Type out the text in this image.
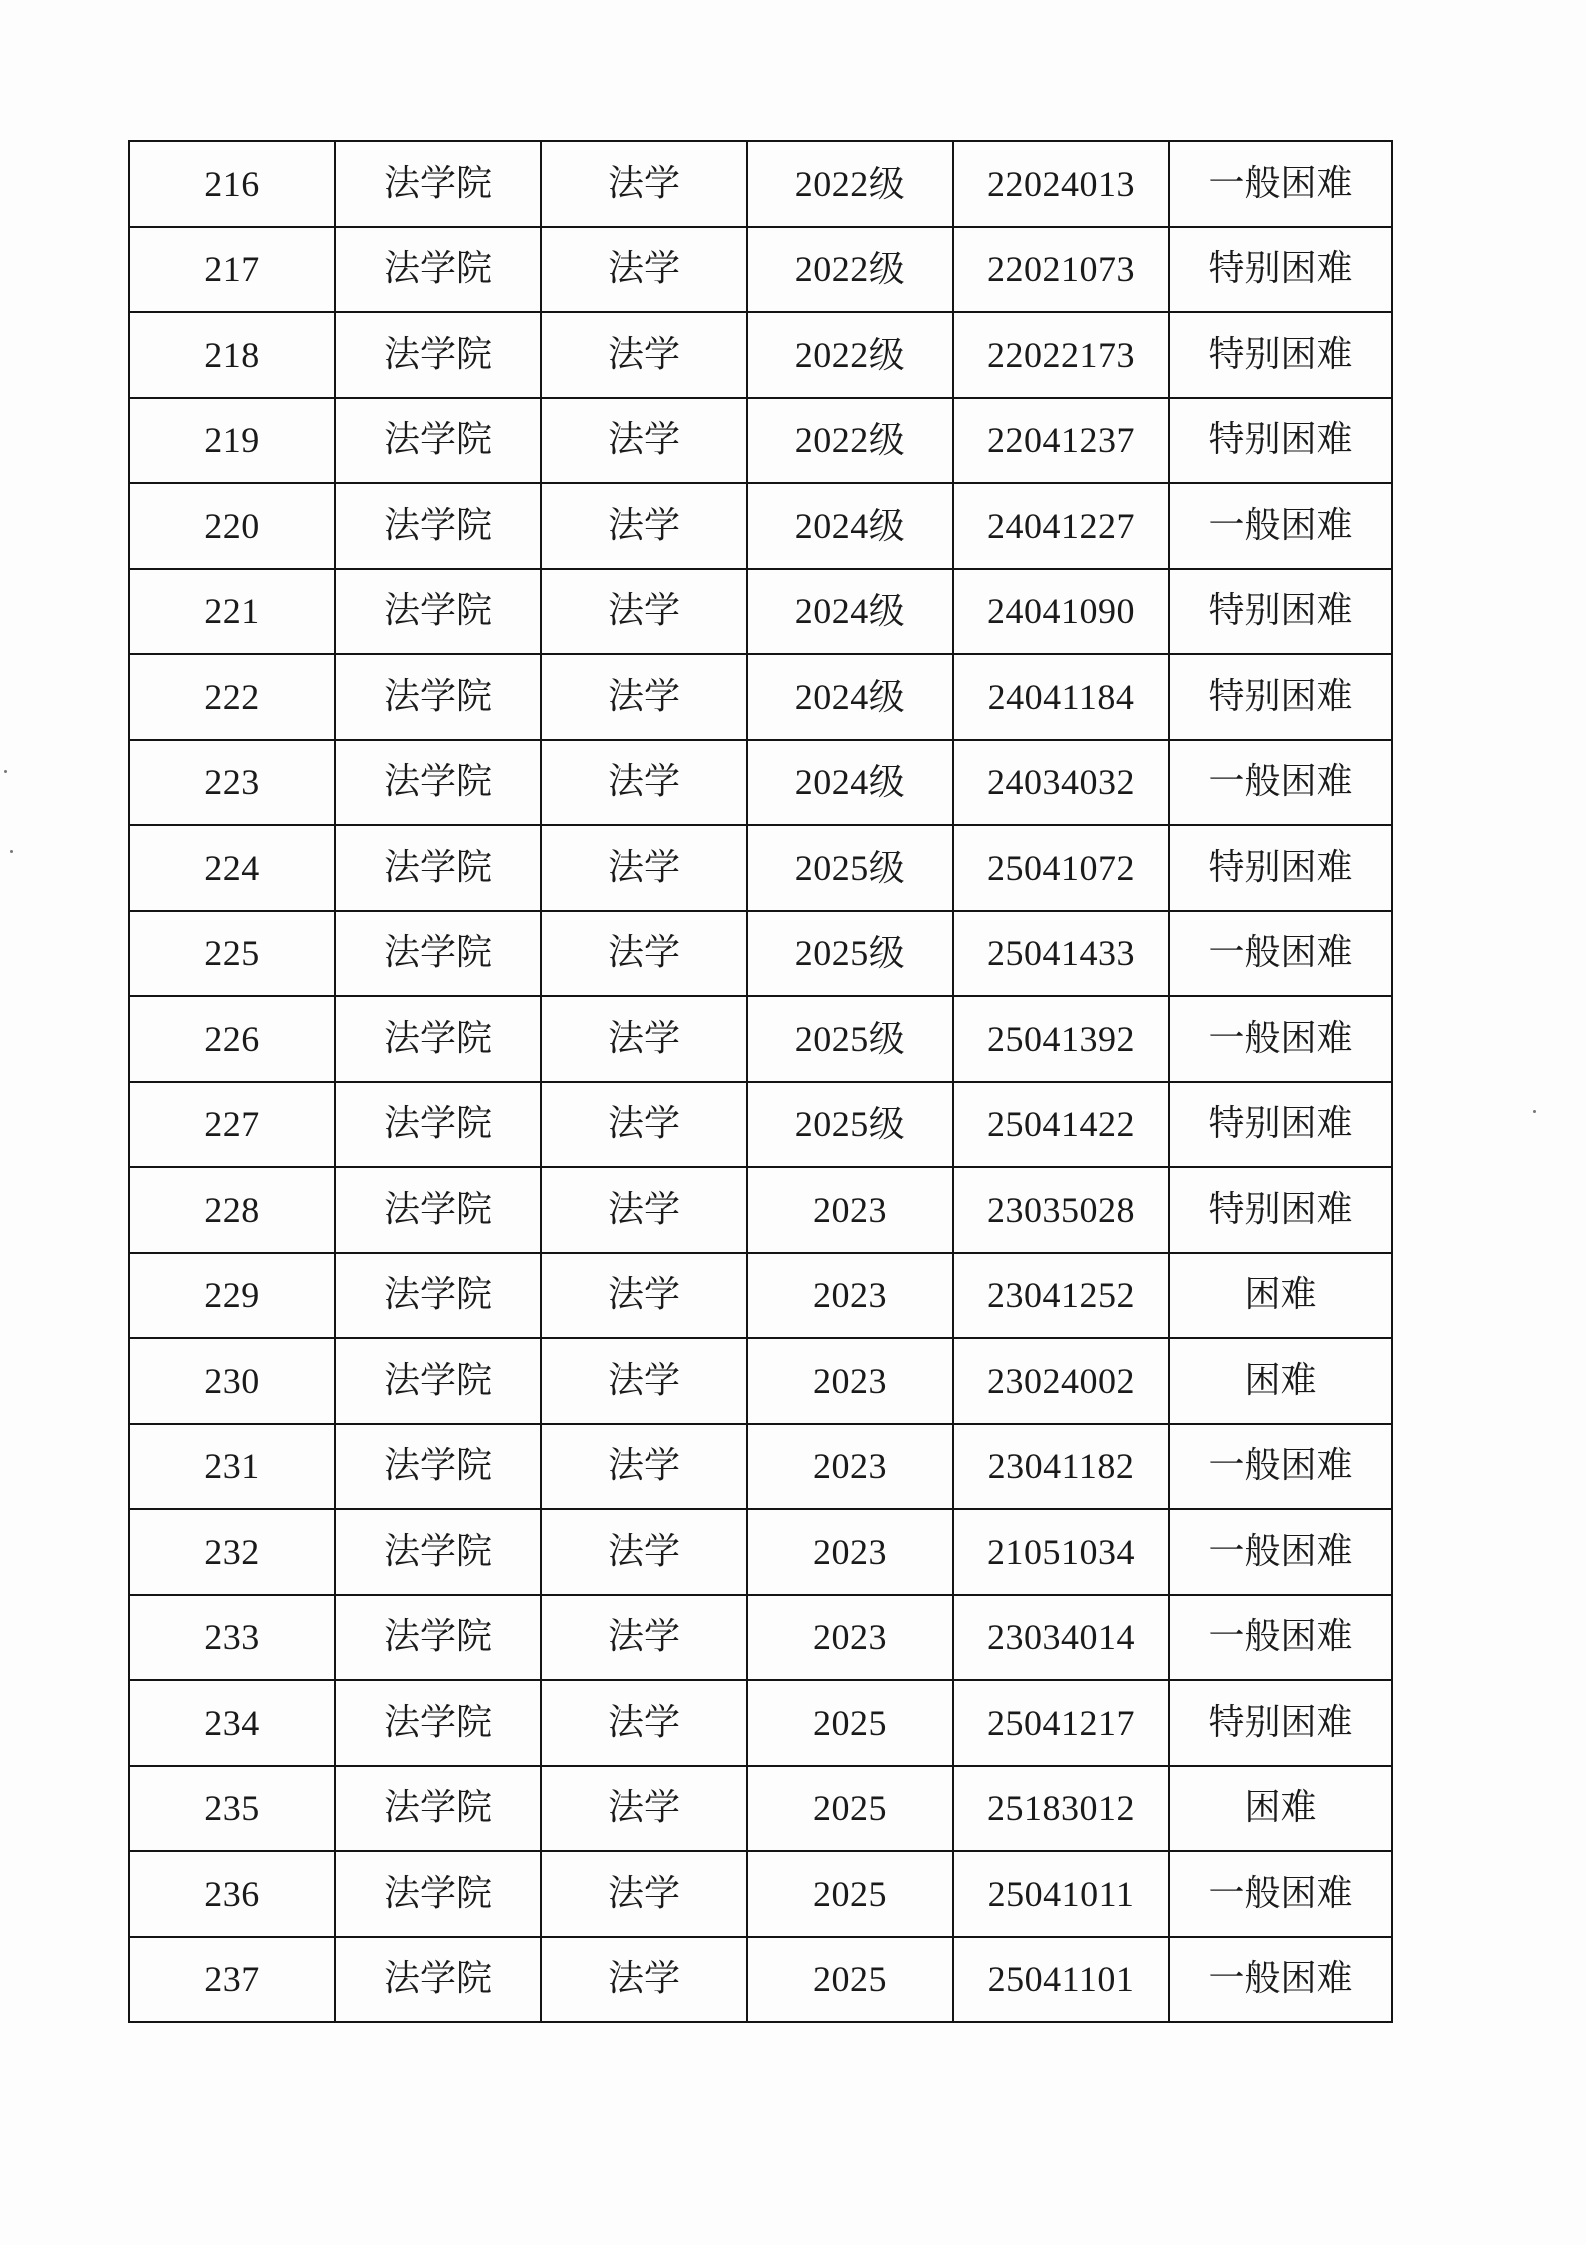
216	法学院	法学	2022级	22024013	一般困难
217	法学院	法学	2022级	22021073	特别困难
218	法学院	法学	2022级	22022173	特别困难
219	法学院	法学	2022级	22041237	特别困难
220	法学院	法学	2024级	24041227	一般困难
221	法学院	法学	2024级	24041090	特别困难
222	法学院	法学	2024级	24041184	特别困难
223	法学院	法学	2024级	24034032	一般困难
224	法学院	法学	2025级	25041072	特别困难
225	法学院	法学	2025级	25041433	一般困难
226	法学院	法学	2025级	25041392	一般困难
227	法学院	法学	2025级	25041422	特别困难
228	法学院	法学	2023	23035028	特别困难
229	法学院	法学	2023	23041252	困难
230	法学院	法学	2023	23024002	困难
231	法学院	法学	2023	23041182	一般困难
232	法学院	法学	2023	21051034	一般困难
233	法学院	法学	2023	23034014	一般困难
234	法学院	法学	2025	25041217	特别困难
235	法学院	法学	2025	25183012	困难
236	法学院	法学	2025	25041011	一般困难
237	法学院	法学	2025	25041101	一般困难
